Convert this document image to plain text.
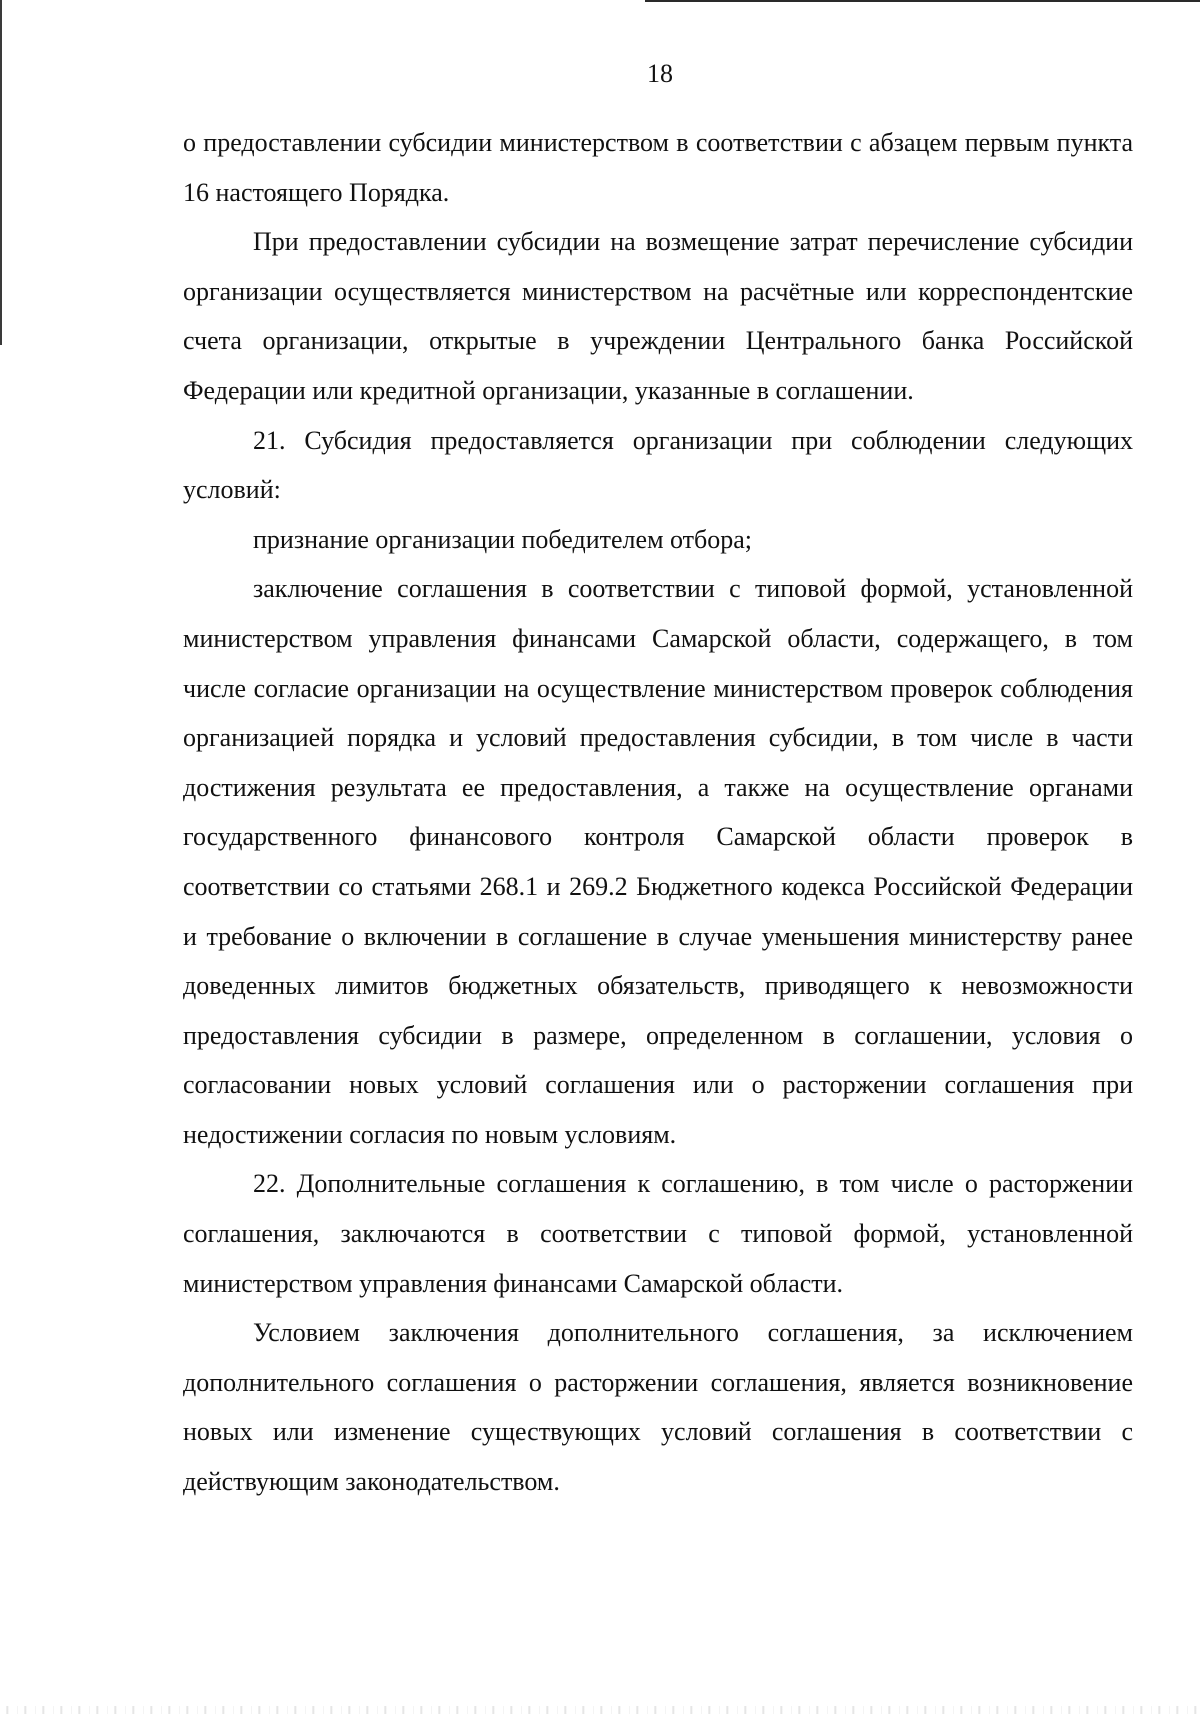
18

о предоставлении субсидии министерством в соответствии с абзацем первым пункта 16 настоящего Порядка.

При предоставлении субсидии на возмещение затрат перечисление субсидии организации осуществляется министерством на расчётные или корреспондентские счета организации, открытые в учреждении Центрального банка Российской Федерации или кредитной организации, указанные в соглашении.

21. Субсидия предоставляется организации при соблюдении следующих условий:

признание организации победителем отбора;

заключение соглашения в соответствии с типовой формой, установленной министерством управления финансами Самарской области, содержащего, в том числе согласие организации на осуществление министерством проверок соблюдения организацией порядка и условий предоставления субсидии, в том числе в части достижения результата ее предоставления, а также на осуществление органами государственного финансового контроля Самарской области проверок в соответствии со статьями 268.1 и 269.2 Бюджетного кодекса Российской Федерации и требование о включении в соглашение в случае уменьшения министерству ранее доведенных лимитов бюджетных обязательств, приводящего к невозможности предоставления субсидии в размере, определенном в соглашении, условия о согласовании новых условий соглашения или о расторжении соглашения при недостижении согласия по новым условиям.

22. Дополнительные соглашения к соглашению, в том числе о расторжении соглашения, заключаются в соответствии с типовой формой, установленной министерством управления финансами Самарской области.

Условием заключения дополнительного соглашения, за исключением дополнительного соглашения о расторжении соглашения, является возникновение новых или изменение существующих условий соглашения в соответствии с действующим законодательством.
